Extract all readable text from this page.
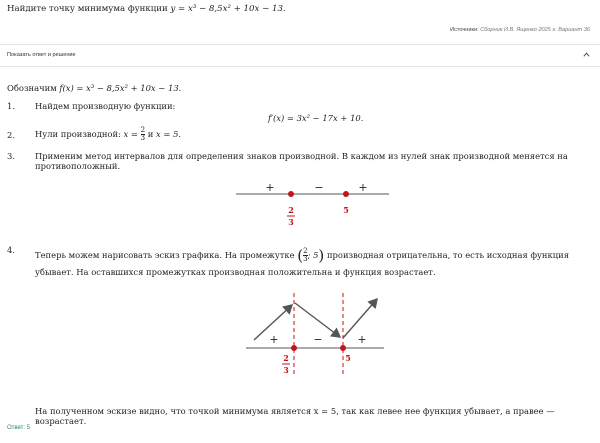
Найдите точку минимума функции y = x³ − 8,5x² + 10x − 13.
Источники: Сборник И.В. Ященко 2025 г. Вариант 36
Показать ответ и решение
Обозначим f(x) = x³ − 8,5x² + 10x − 13.
1. Найдем производную функции:
f′(x) = 3x² − 17x + 10.
2. Нули производной: $x = \frac{2}{3}$ и x = 5.
3. Применим метод интервалов для определения знаков производной. В каждом из нулей знак производной меняется на противоположный.
+	−	+
2
3
5
4. Теперь можем нарисовать эскиз графика. На промежутке ($\frac{2}{3}$ ; 5) производная отрицательна, то есть исходная функция убывает. На оставшихся промежутках производная положительна и функция возрастает.
+	−	+
2
3
5
На полученном эскизе видно, что точкой минимума является x = 5, так как левее нее функция убывает, а правее — возрастает.
Ответ: 5
